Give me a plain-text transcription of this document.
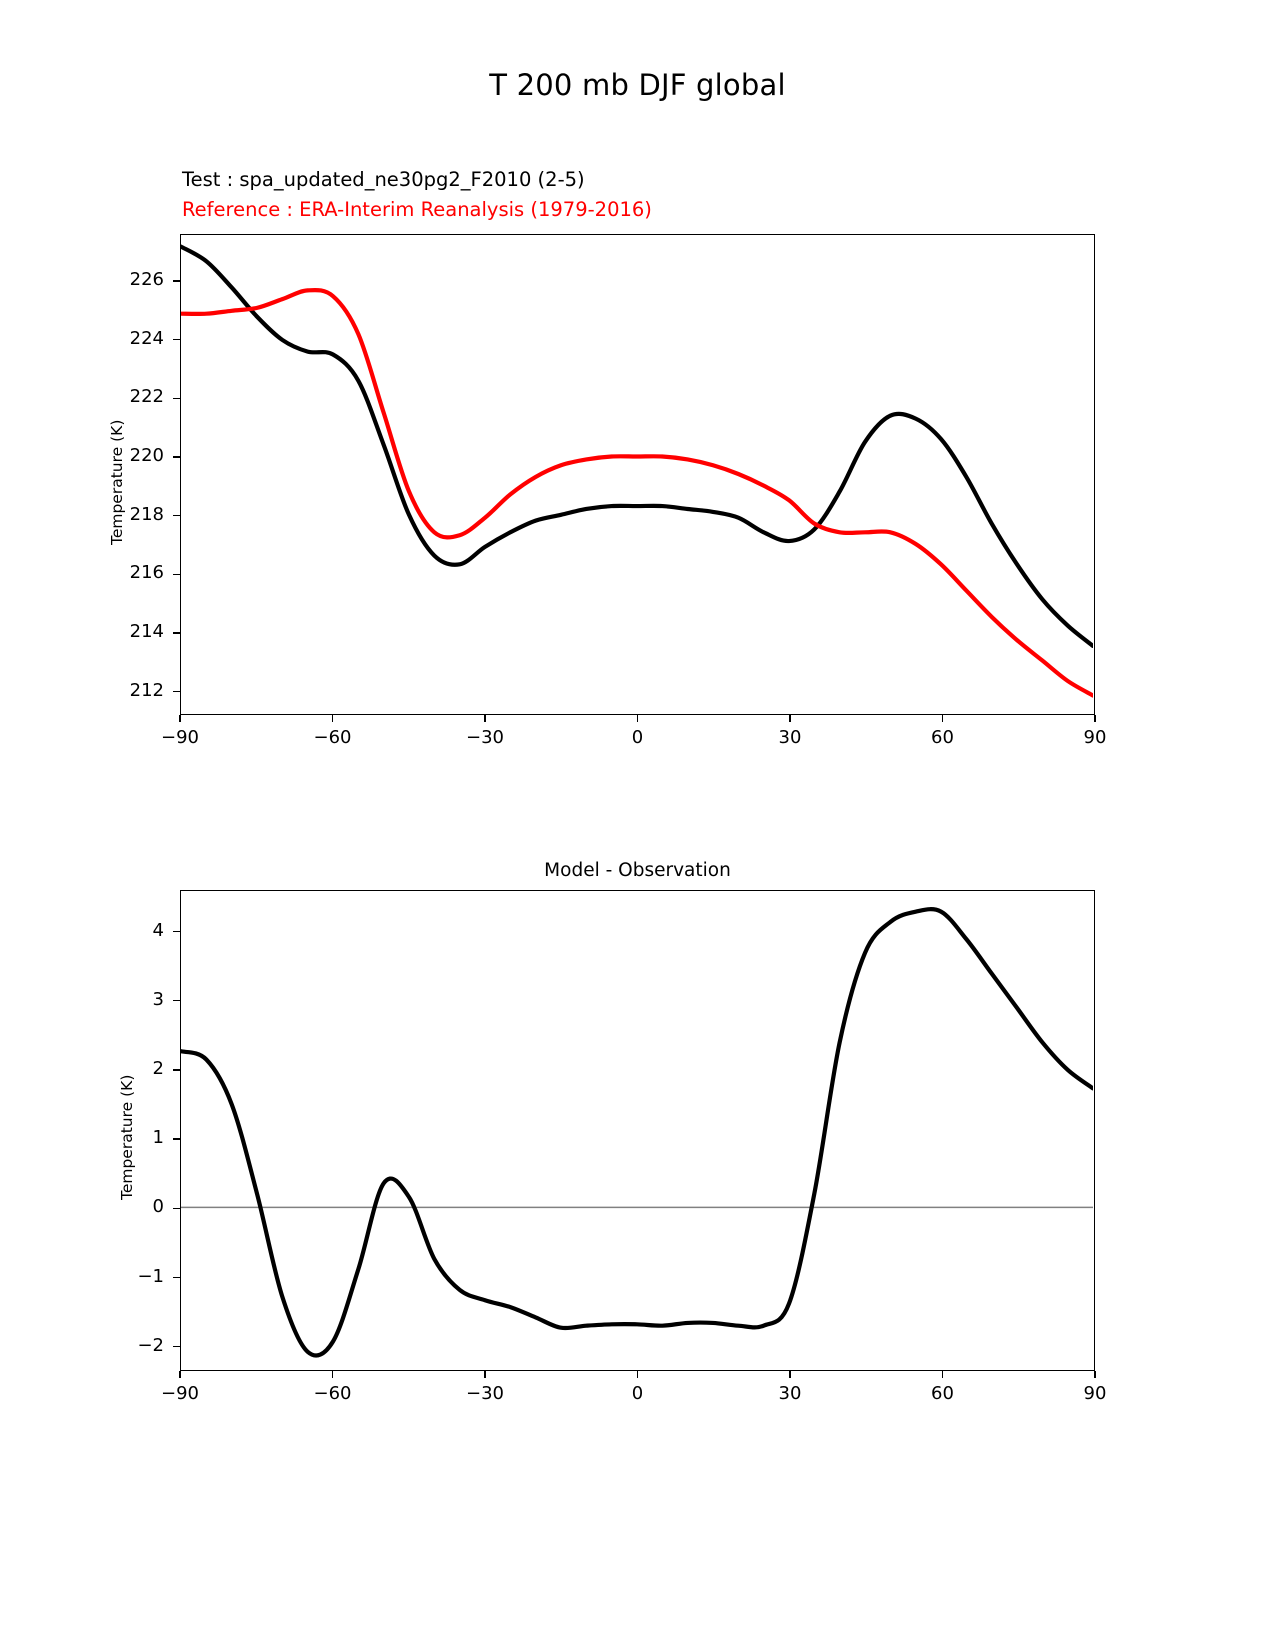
T 200 mb DJF global
Test : spa_updated_ne30pg2_F2010 (2-5)
Reference : ERA-Interim Reanalysis (1979-2016)
Temperature (K)
212
214
216
218
220
222
224
226
−90	−60	−30	0	30	60	90
Model - Observation
Temperature (K)
−2
−1
0
1
2
3
4
−90	−60	−30	0	30	60	90
